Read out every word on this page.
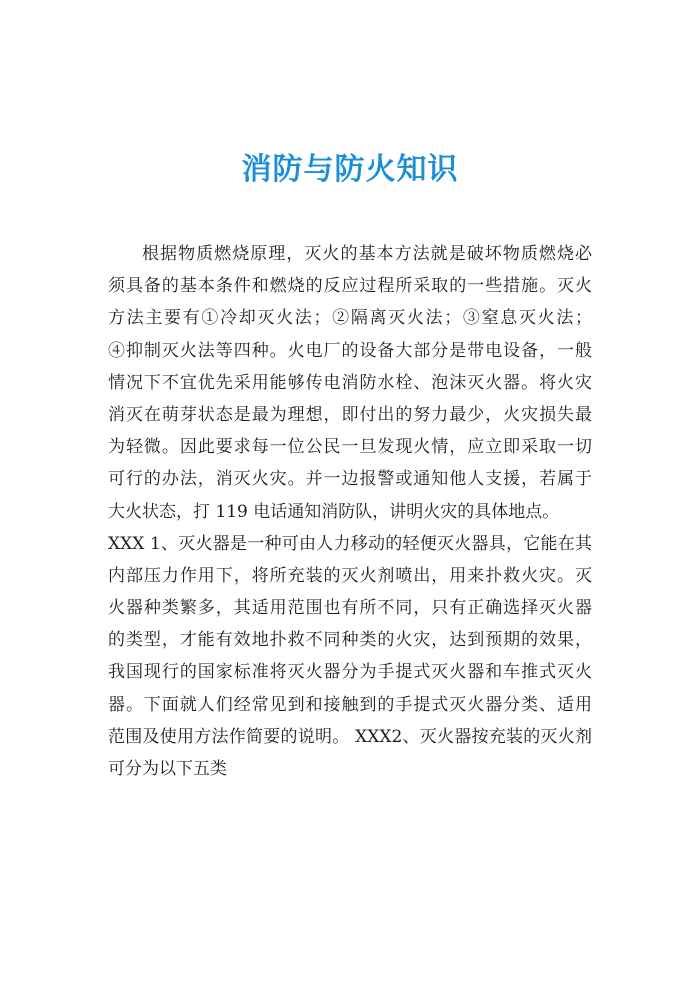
消防与防火知识
根据物质燃烧原理，灭火的基本方法就是破坏物质燃烧必
须具备的基本条件和燃烧的反应过程所采取的一些措施。灭火
方法主要有①冷却灭火法；②隔离灭火法；③窒息灭火法；
④抑制灭火法等四种。火电厂的设备大部分是带电设备，一般
情况下不宜优先采用能够传电消防水栓、泡沫灭火器。将火灾
消灭在萌芽状态是最为理想，即付出的努力最少，火灾损失最
为轻微。因此要求每一位公民一旦发现火情，应立即采取一切
可行的办法，消灭火灾。并一边报警或通知他人支援，若属于
大火状态，打 119 电话通知消防队，讲明火灾的具体地点。
XXX 1、灭火器是一种可由人力移动的轻便灭火器具，它能在其
内部压力作用下，将所充装的灭火剂喷出，用来扑救火灾。灭
火器种类繁多，其适用范围也有所不同，只有正确选择灭火器
的类型，才能有效地扑救不同种类的火灾，达到预期的效果，
我国现行的国家标准将灭火器分为手提式灭火器和车推式灭火
器。下面就人们经常见到和接触到的手提式灭火器分类、适用
范围及使用方法作简要的说明。 XXX2、灭火器按充装的灭火剂
可分为以下五类
